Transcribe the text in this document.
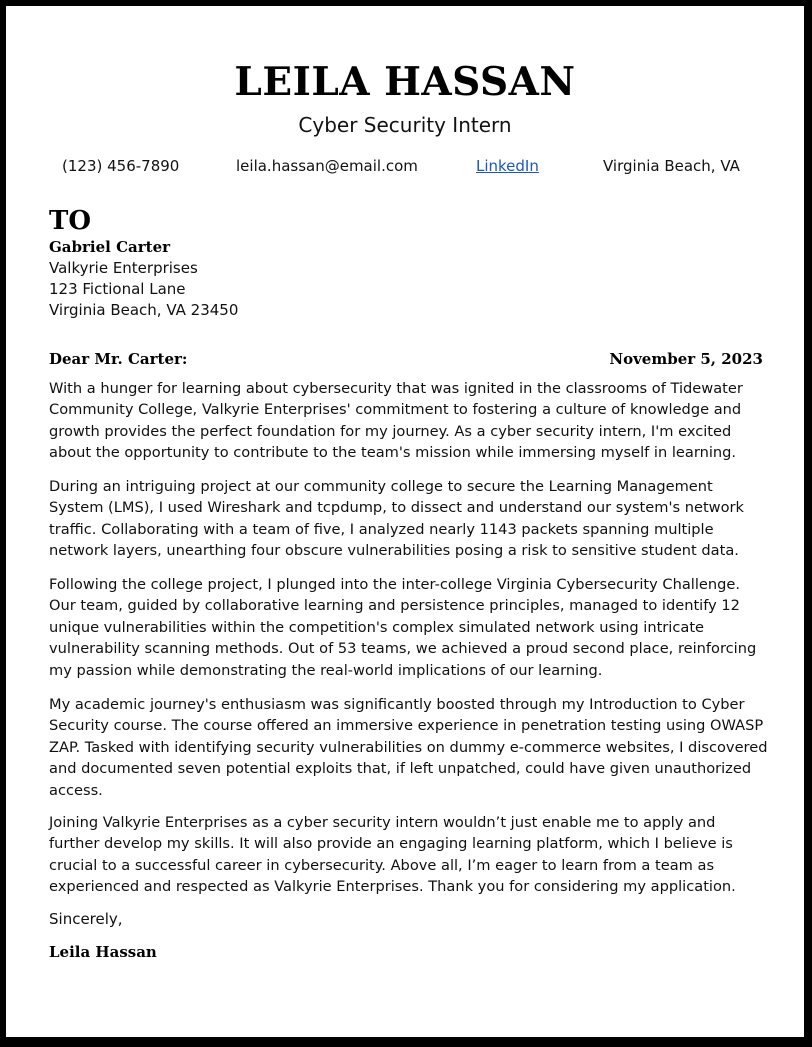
LEILA HASSAN
Cyber Security Intern
(123) 456-7890	leila.hassan@email.com	LinkedIn	Virginia Beach, VA
TO
Gabriel Carter
Valkyrie Enterprises
123 Fictional Lane
Virginia Beach, VA 23450
Dear Mr. Carter:	November 5, 2023

With a hunger for learning about cybersecurity that was ignited in the classrooms of Tidewater Community College, Valkyrie Enterprises' commitment to fostering a culture of knowledge and growth provides the perfect foundation for my journey. As a cyber security intern, I'm excited about the opportunity to contribute to the team's mission while immersing myself in learning.

During an intriguing project at our community college to secure the Learning Management System (LMS), I used Wireshark and tcpdump, to dissect and understand our system's network traffic. Collaborating with a team of five, I analyzed nearly 1143 packets spanning multiple network layers, unearthing four obscure vulnerabilities posing a risk to sensitive student data.

Following the college project, I plunged into the inter-college Virginia Cybersecurity Challenge. Our team, guided by collaborative learning and persistence principles, managed to identify 12 unique vulnerabilities within the competition's complex simulated network using intricate vulnerability scanning methods. Out of 53 teams, we achieved a proud second place, reinforcing my passion while demonstrating the real-world implications of our learning.

My academic journey's enthusiasm was significantly boosted through my Introduction to Cyber Security course. The course offered an immersive experience in penetration testing using OWASP ZAP. Tasked with identifying security vulnerabilities on dummy e-commerce websites, I discovered and documented seven potential exploits that, if left unpatched, could have given unauthorized access.

Joining Valkyrie Enterprises as a cyber security intern wouldn’t just enable me to apply and further develop my skills. It will also provide an engaging learning platform, which I believe is crucial to a successful career in cybersecurity. Above all, I’m eager to learn from a team as experienced and respected as Valkyrie Enterprises. Thank you for considering my application.

Sincerely,
Leila Hassan
